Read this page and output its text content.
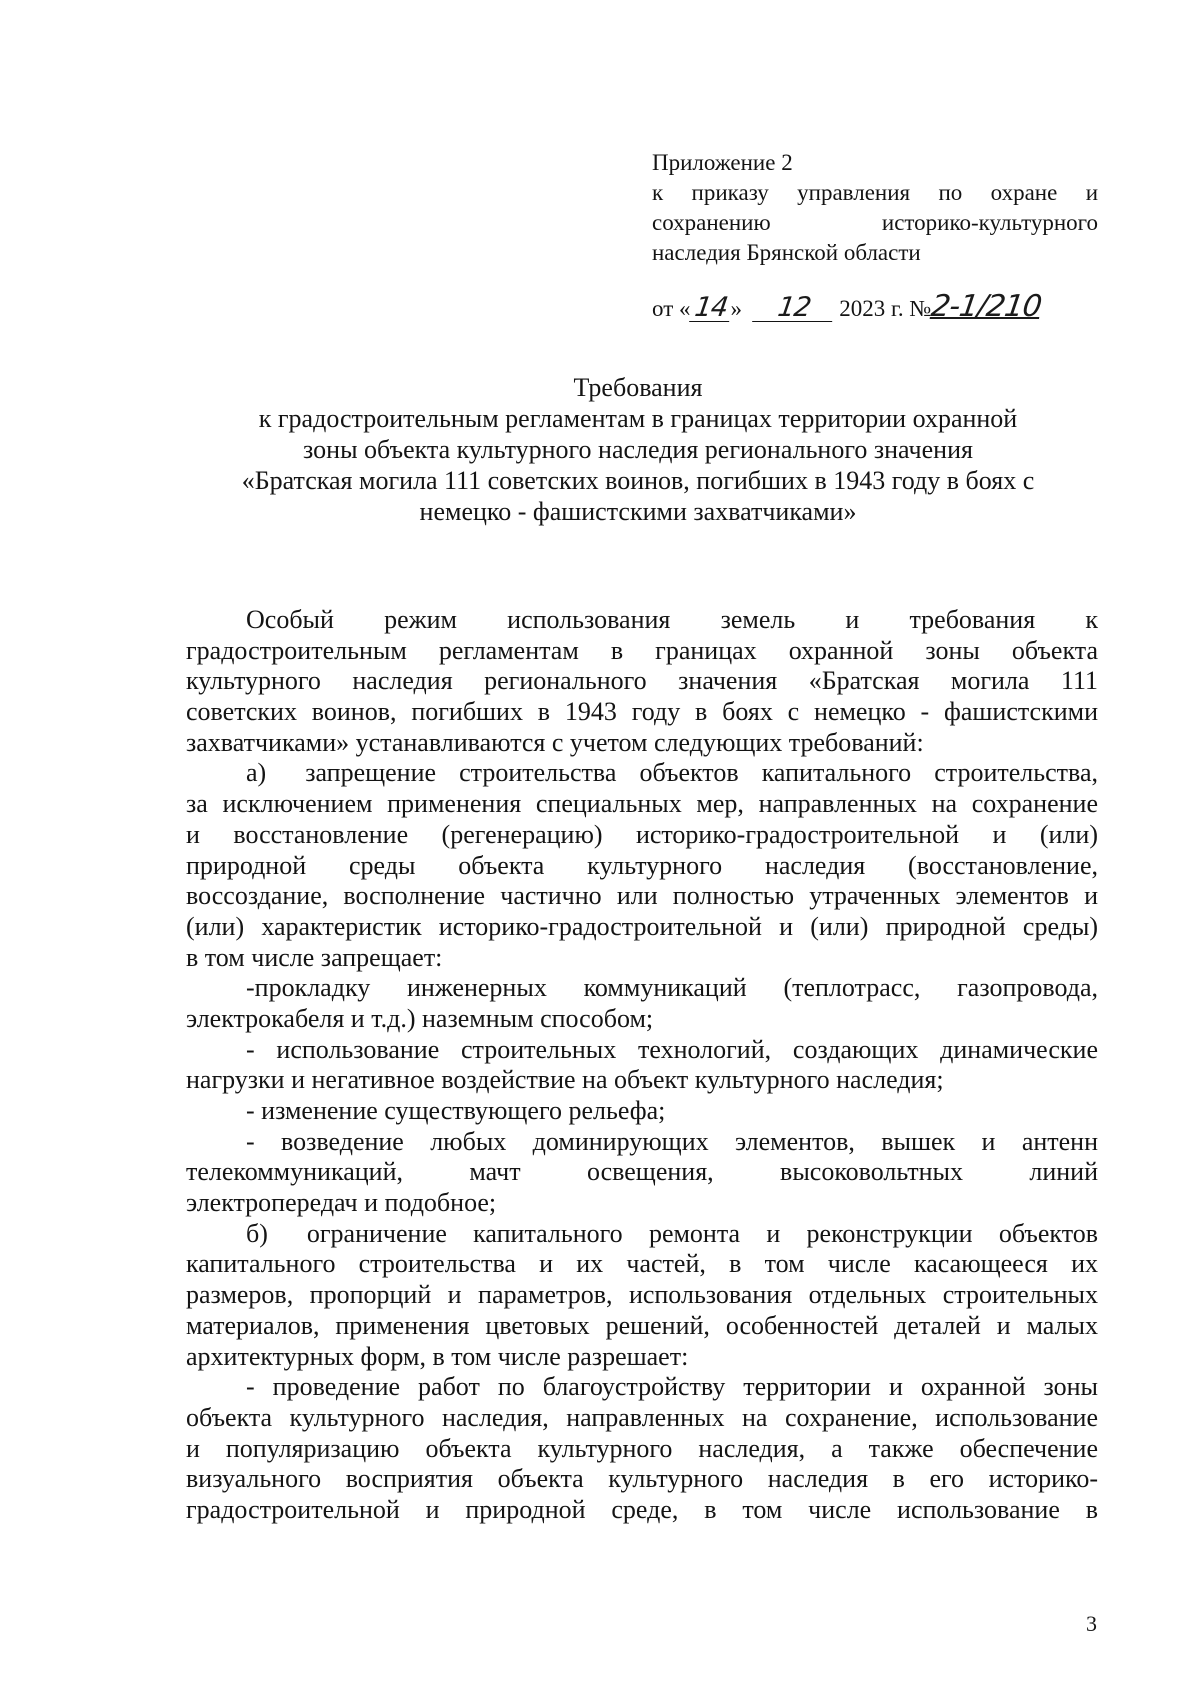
Приложение 2
к приказу управления по охране и
сохранению историко-культурного
наследия Брянской области
от «14» 12 2023 г. №2-1/210
Требования
к градостроительным регламентам в границах территории охранной
зоны объекта культурного наследия регионального значения
«Братская могила 111 советских воинов, погибших в 1943 году в боях с
немецко - фашистскими захватчиками»
Особый режим использования земель и требования к
градостроительным регламентам в границах охранной зоны объекта
культурного наследия регионального значения «Братская могила 111
советских воинов, погибших в 1943 году в боях с немецко - фашистскими
захватчиками» устанавливаются с учетом следующих требований:
а)  запрещение строительства объектов капитального строительства,
за исключением применения специальных мер, направленных на сохранение
и восстановление (регенерацию) историко-градостроительной и (или)
природной среды объекта культурного наследия (восстановление,
воссоздание, восполнение частично или полностью утраченных элементов и
(или) характеристик историко-градостроительной и (или) природной среды)
в том числе запрещает:
-прокладку инженерных коммуникаций (теплотрасс, газопровода,
электрокабеля и т.д.) наземным способом;
- использование строительных технологий, создающих динамические
нагрузки и негативное воздействие на объект культурного наследия;
- изменение существующего рельефа;
- возведение любых доминирующих элементов, вышек и антенн
телекоммуникаций, мачт освещения, высоковольтных линий
электропередач и подобное;
б)  ограничение капитального ремонта и реконструкции объектов
капитального строительства и их частей, в том числе касающееся их
размеров, пропорций и параметров, использования отдельных строительных
материалов, применения цветовых решений, особенностей деталей и малых
архитектурных форм, в том числе разрешает:
- проведение работ по благоустройству территории и охранной зоны
объекта культурного наследия, направленных на сохранение, использование
и популяризацию объекта культурного наследия, а также обеспечение
визуального восприятия объекта культурного наследия в его историко-
градостроительной и природной среде, в том числе использование в
3
